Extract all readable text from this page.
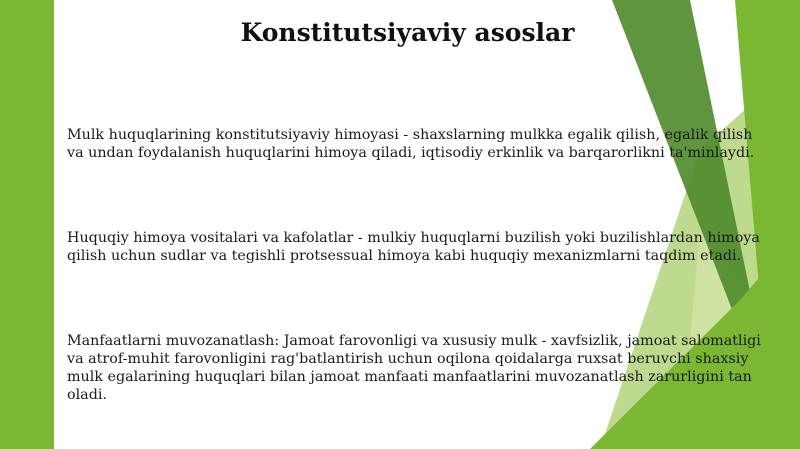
Konstitutsiyaviy asoslar

Mulk huquqlarining konstitutsiyaviy himoyasi - shaxslarning mulkka egalik qilish, egalik qilish va undan foydalanish huquqlarini himoya qiladi, iqtisodiy erkinlik va barqarorlikni ta'minlaydi.

Huquqiy himoya vositalari va kafolatlar - mulkiy huquqlarni buzilish yoki buzilishlardan himoya qilish uchun sudlar va tegishli protsessual himoya kabi huquqiy mexanizmlarni taqdim etadi.

Manfaatlarni muvozanatlash: Jamoat farovonligi va xususiy mulk - xavfsizlik, jamoat salomatligi va atrof-muhit farovonligini rag'batlantirish uchun oqilona qoidalarga ruxsat beruvchi shaxsiy mulk egalarining huquqlari bilan jamoat manfaati manfaatlarini muvozanatlash zarurligini tan oladi.
